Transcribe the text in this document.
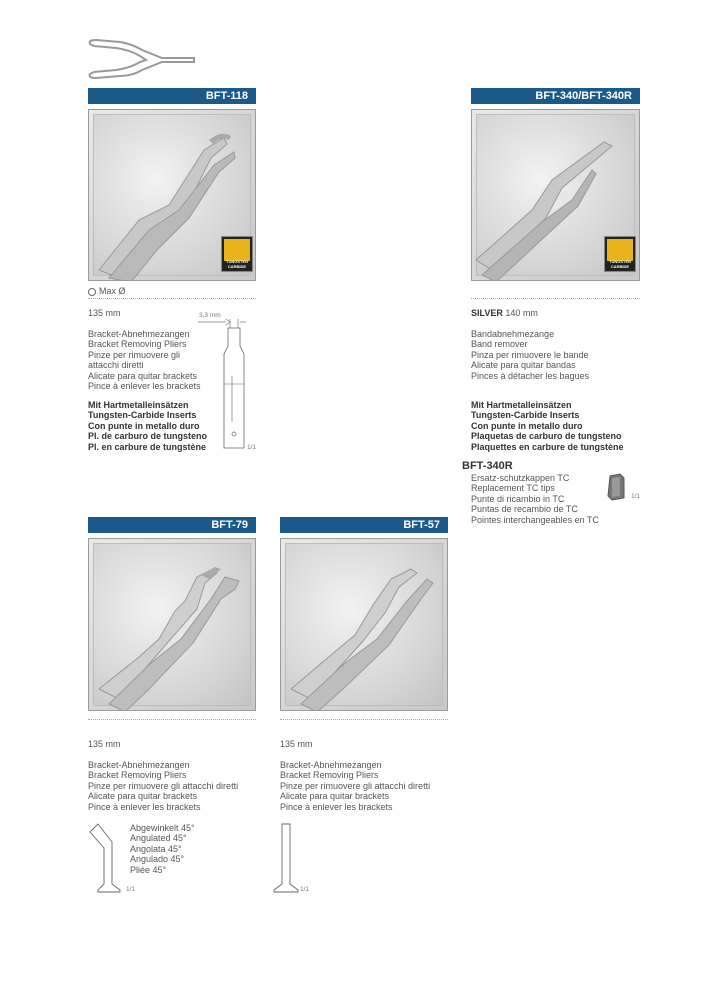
BFT-118
TUNGSTEN
CARBIDE
Max Ø
135 mm
Bracket-Abnehmezangen
Bracket Removing Pliers
Pinze per rimuovere gli
attacchi diretti
Alicate para quitar brackets
Pince à enlever les brackets
Mit Hartmetalleinsätzen
Tungsten-Carbide Inserts
Con punte in metallo duro
Pl. de carburo de tungsteno
Pl. en carbure de tungstène
3,3 mm
1/1
BFT-340/BFT-340R
TUNGSTEN
CARBIDE
SILVER 140 mm
Bandabnehmezange
Band remover
Pinza per rimuovere le bande
Alicate para quitar bandas
Pinces à détacher les bagues
Mit Hartmetalleinsätzen
Tungsten-Carbide Inserts
Con punte in metallo duro
Plaquetas de carburo de tungsteno
Plaquettes en carbure de tungstène
BFT-340R
Ersatz-schutzkappen TC
Replacement TC tips
Punte di ricambio in TC
Puntas de recambio de TC
Pointes interchangeables en TC
1/1
BFT-79
135 mm
Bracket-Abnehmezangen
Bracket Removing Pliers
Pinze per rimuovere gli attacchi diretti
Alicate para quitar brackets
Pince à enlever les brackets
Abgewinkelt 45°
Angulated 45°
Angolata 45°
Angulado 45°
Pliée 45°
1/1
BFT-57
135 mm
Bracket-Abnehmezangen
Bracket Removing Pliers
Pinze per rimuovere gli attacchi diretti
Alicate para quitar brackets
Pince à enlever les brackets
1/1
